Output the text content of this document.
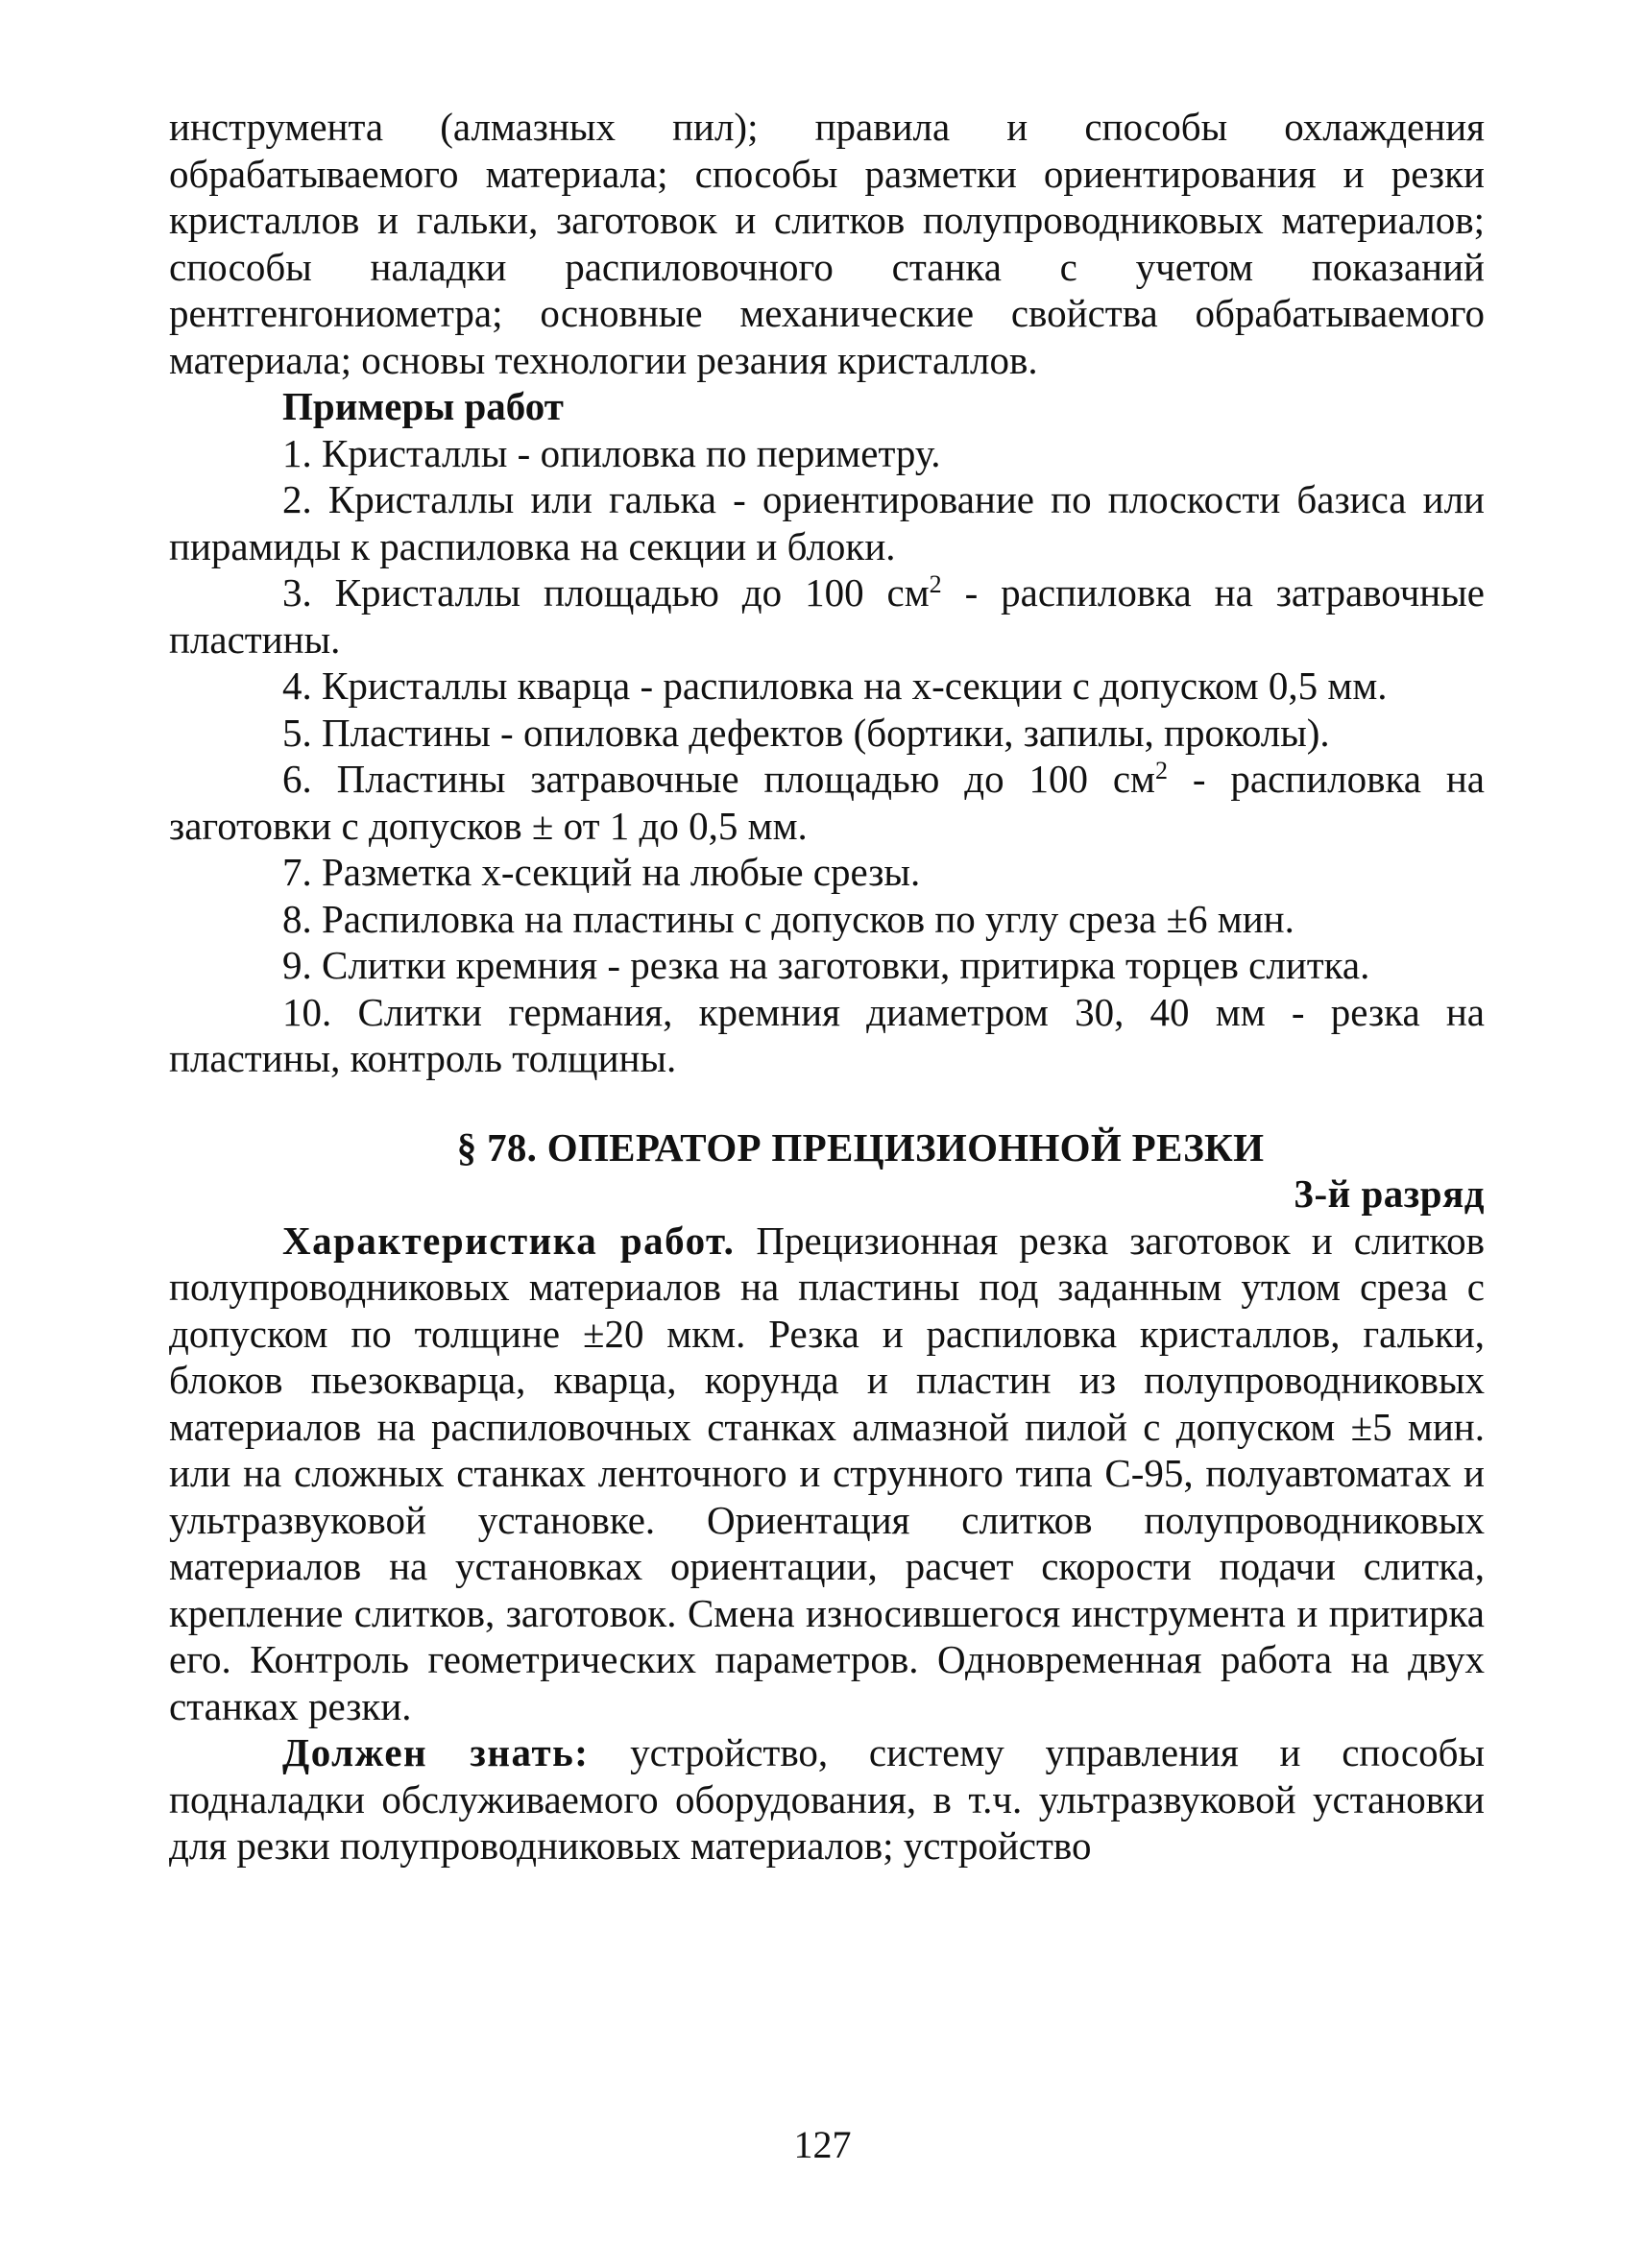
инструмента (алмазных пил); правила и способы охлаждения обрабатываемого материала; способы разметки ориентирования и резки кристаллов и гальки, заготовок и слитков полупроводниковых материалов; способы наладки распиловочного станка с учетом показаний рентгенгониометра; основные механические свойства обрабатываемого материала; основы технологии резания кристаллов.

Примеры работ

1. Кристаллы - опиловка по периметру.

2. Кристаллы или галька - ориентирование по плоскости базиса или пирамиды к распиловка на секции и блоки.

3. Кристаллы площадью до 100 $см^2$ - распиловка на затравочные пластины.

4. Кристаллы кварца - распиловка на х-секции с допуском 0,5 мм.

5. Пластины - опиловка дефектов (бортики, запилы, проколы).

6. Пластины затравочные площадью до 100 $см^2$ - распиловка на заготовки с допусков ± от 1 до 0,5 мм.

7. Разметка х-секций на любые срезы.

8. Распиловка на пластины с допусков по углу среза ±6 мин.

9. Слитки кремния - резка на заготовки, притирка торцев слитка.

10. Слитки германия, кремния диаметром 30, 40 мм - резка на пластины, контроль толщины.

§ 78. ОПЕРАТОР ПРЕЦИЗИОННОЙ РЕЗКИ

3-й разряд

Характеристика работ. Прецизионная резка заготовок и слитков полупроводниковых материалов на пластины под заданным утлом среза с допуском по толщине ±20 мкм. Резка и распиловка кристаллов, гальки, блоков пьезокварца, кварца, корунда и пластин из полупроводниковых материалов на распиловочных станках алмазной пилой с допуском ±5 мин. или на сложных станках ленточного и струнного типа С-95, полуавтоматах и ультразвуковой установке. Ориентация слитков полупроводниковых материалов на установках ориентации, расчет скорости подачи слитка, крепление слитков, заготовок. Смена износившегося инструмента и притирка его. Контроль геометрических параметров. Одновременная работа на двух станках резки.

Должен знать: устройство, систему управления и способы подналадки обслуживаемого оборудования, в т.ч. ультразвуковой установки для резки полупроводниковых материалов; устройство

127
